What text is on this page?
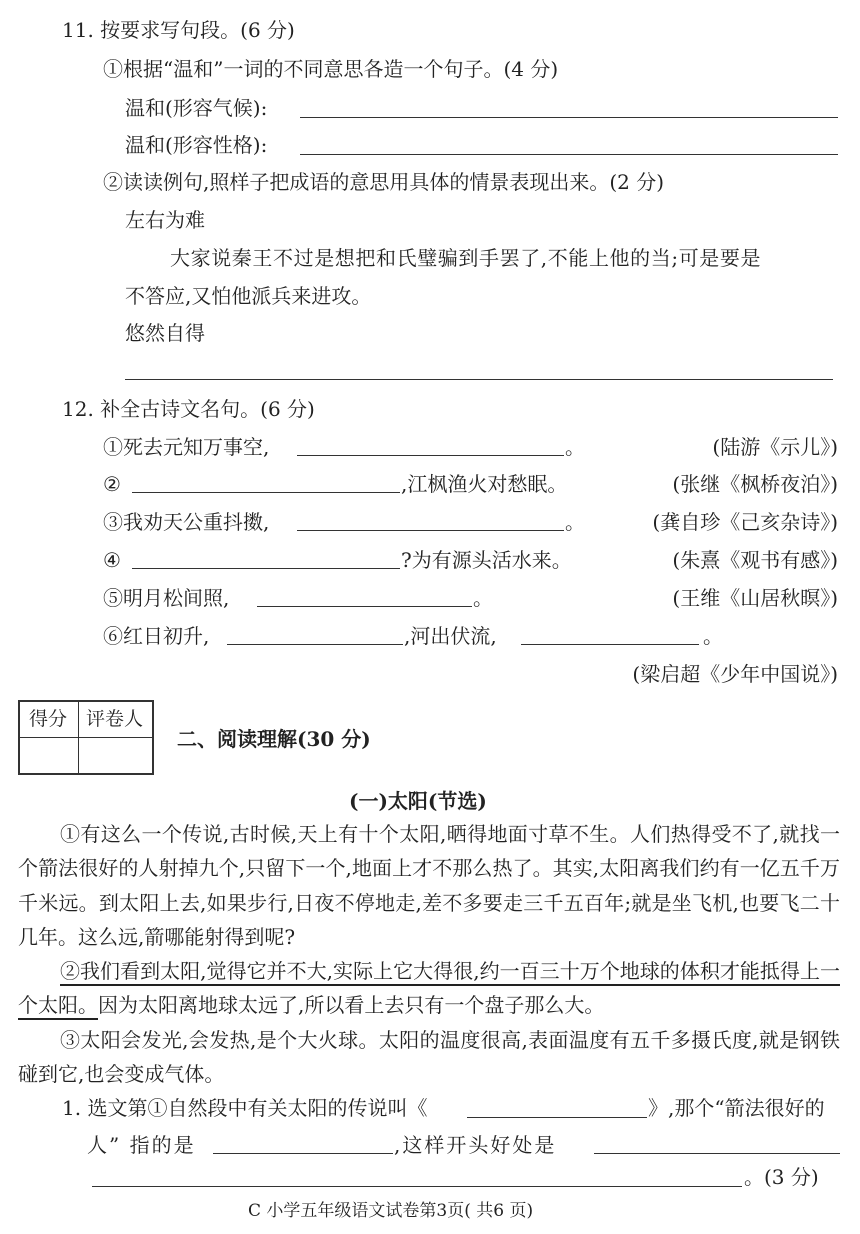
11. 按要求写句段。(6 分)
①根据“温和”一词的不同意思各造一个句子。(4 分)
温和(形容气候):
温和(形容性格):
②读读例句,照样子把成语的意思用具体的情景表现出来。(2 分)
左右为难
大家说秦王不过是想把和氏璧骗到手罢了,不能上他的当;可是要是
不答应,又怕他派兵来进攻。
悠然自得
12. 补全古诗文名句。(6 分)
①死去元知万事空,	。	(陆游《示儿》)
②	,江枫渔火对愁眠。	(张继《枫桥夜泊》)
③我劝天公重抖擞,	。	(龚自珍《己亥杂诗》)
④	?为有源头活水来。	(朱熹《观书有感》)
⑤明月松间照,	。	(王维《山居秋暝》)
⑥红日初升,	,河出伏流,	。
(梁启超《少年中国说》)
得分 评卷人
二、阅读理解(30 分)
(一)太阳(节选)
①有这么一个传说,古时候,天上有十个太阳,晒得地面寸草不生。人们热得受不了,就找一个箭法很好的人射掉九个,只留下一个,地面上才不那么热了。其实,太阳离我们约有一亿五千万千米远。到太阳上去,如果步行,日夜不停地走,差不多要走三千五百年;就是坐飞机,也要飞二十几年。这么远,箭哪能射得到呢?
②我们看到太阳,觉得它并不大,实际上它大得很,约一百三十万个地球的体积才能抵得上一个太阳。因为太阳离地球太远了,所以看上去只有一个盘子那么大。
③太阳会发光,会发热,是个大火球。太阳的温度很高,表面温度有五千多摄氏度,就是钢铁碰到它,也会变成气体。
1. 选文第①自然段中有关太阳的传说叫《	》,那个“箭法很好的
人” 指的是	,这样开头好处是
。(3 分)
C 小学五年级语文试卷第3页( 共6 页)
